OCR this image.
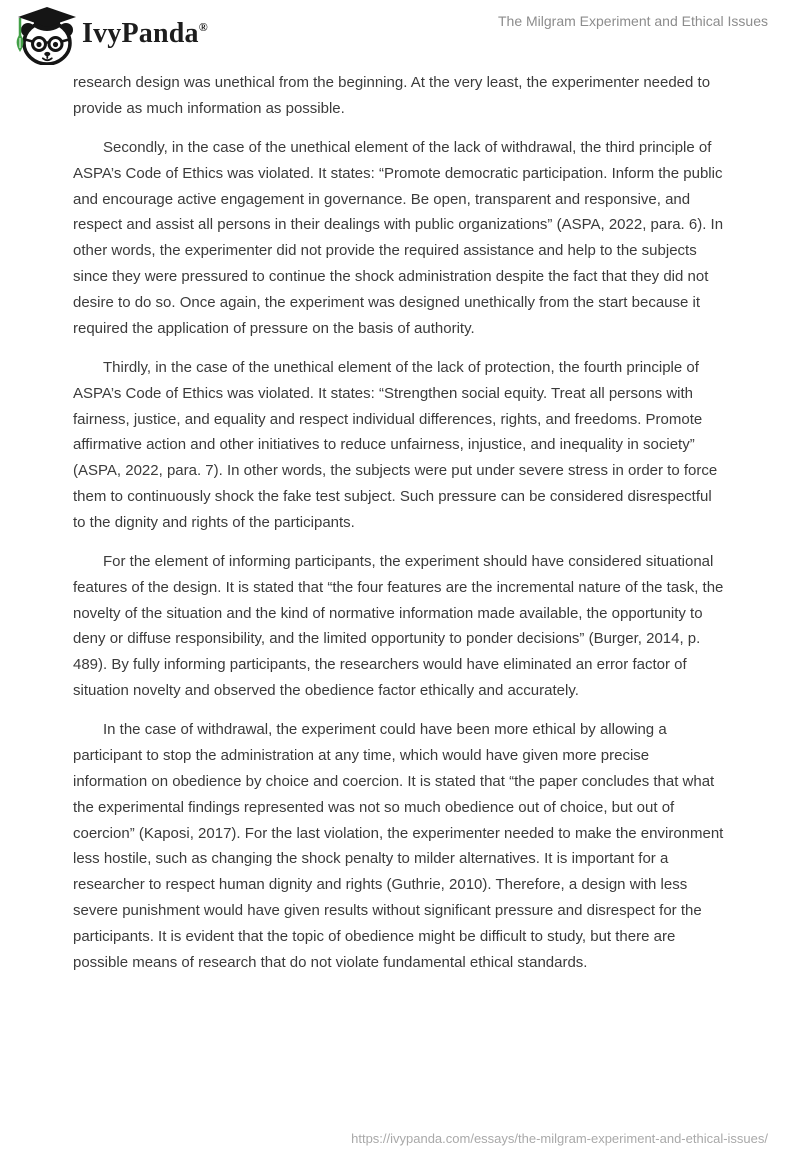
IvyPanda®	The Milgram Experiment and Ethical Issues

research design was unethical from the beginning. At the very least, the experimenter needed to provide as much information as possible.

Secondly, in the case of the unethical element of the lack of withdrawal, the third principle of ASPA’s Code of Ethics was violated. It states: “Promote democratic participation. Inform the public and encourage active engagement in governance. Be open, transparent and responsive, and respect and assist all persons in their dealings with public organizations” (ASPA, 2022, para. 6). In other words, the experimenter did not provide the required assistance and help to the subjects since they were pressured to continue the shock administration despite the fact that they did not desire to do so. Once again, the experiment was designed unethically from the start because it required the application of pressure on the basis of authority.

Thirdly, in the case of the unethical element of the lack of protection, the fourth principle of ASPA’s Code of Ethics was violated. It states: “Strengthen social equity. Treat all persons with fairness, justice, and equality and respect individual differences, rights, and freedoms. Promote affirmative action and other initiatives to reduce unfairness, injustice, and inequality in society” (ASPA, 2022, para. 7). In other words, the subjects were put under severe stress in order to force them to continuously shock the fake test subject. Such pressure can be considered disrespectful to the dignity and rights of the participants.

For the element of informing participants, the experiment should have considered situational features of the design. It is stated that “the four features are the incremental nature of the task, the novelty of the situation and the kind of normative information made available, the opportunity to deny or diffuse responsibility, and the limited opportunity to ponder decisions” (Burger, 2014, p. 489). By fully informing participants, the researchers would have eliminated an error factor of situation novelty and observed the obedience factor ethically and accurately.

In the case of withdrawal, the experiment could have been more ethical by allowing a participant to stop the administration at any time, which would have given more precise information on obedience by choice and coercion. It is stated that “the paper concludes that what the experimental findings represented was not so much obedience out of choice, but out of coercion” (Kaposi, 2017). For the last violation, the experimenter needed to make the environment less hostile, such as changing the shock penalty to milder alternatives. It is important for a researcher to respect human dignity and rights (Guthrie, 2010). Therefore, a design with less severe punishment would have given results without significant pressure and disrespect for the participants. It is evident that the topic of obedience might be difficult to study, but there are possible means of research that do not violate fundamental ethical standards.

https://ivypanda.com/essays/the-milgram-experiment-and-ethical-issues/
